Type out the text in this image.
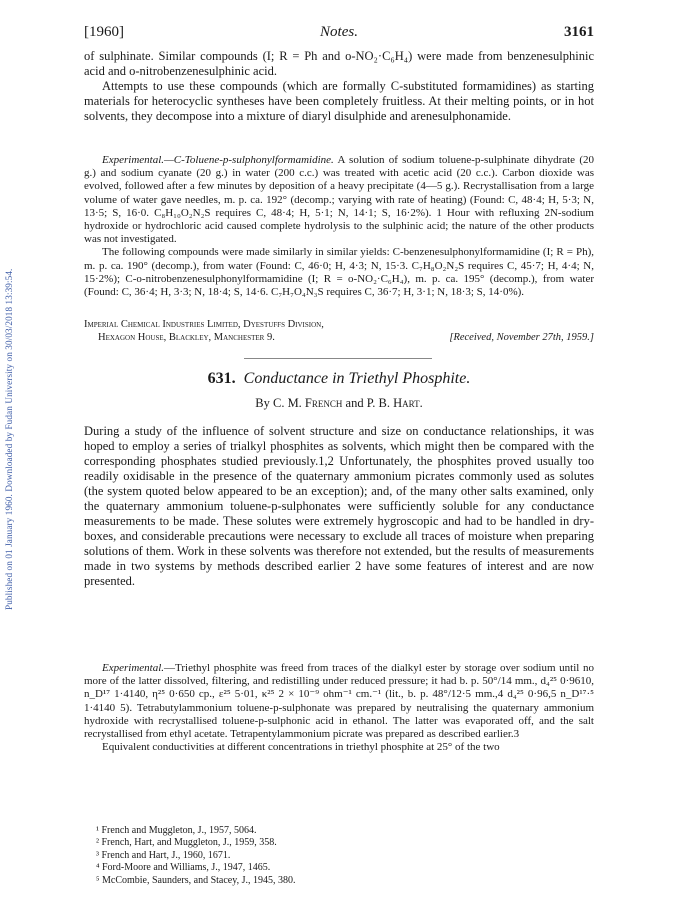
Published on 01 January 1960. Downloaded by Fudan University on 30/03/2018 13:39:54.
[1960]	Notes.	3161

of sulphinate. Similar compounds (I; R = Ph and o-NO₂·C₆H₄) were made from benzenesulphinic acid and o-nitrobenzenesulphinic acid.

Attempts to use these compounds (which are formally C-substituted formamidines) as starting materials for heterocyclic syntheses have been completely fruitless. At their melting points, or in hot solvents, they decompose into a mixture of diaryl disulphide and arenesulphonamide.

Experimental.—C-Toluene-p-sulphonylformamidine. A solution of sodium toluene-p-sulphinate dihydrate (20 g.) and sodium cyanate (20 g.) in water (200 c.c.) was treated with acetic acid (20 c.c.). Carbon dioxide was evolved, followed after a few minutes by deposition of a heavy precipitate (4—5 g.). Recrystallisation from a large volume of water gave needles, m. p. ca. 192° (decomp.; varying with rate of heating) (Found: C, 48·4; H, 5·3; N, 13·5; S, 16·0. C₈H₁₀O₂N₂S requires C, 48·4; H, 5·1; N, 14·1; S, 16·2%). 1 Hour with refluxing 2N-sodium hydroxide or hydrochloric acid caused complete hydrolysis to the sulphinic acid; the nature of the other products was not investigated.

The following compounds were made similarly in similar yields: C-benzenesulphonylformamidine (I; R = Ph), m. p. ca. 190° (decomp.), from water (Found: C, 46·0; H, 4·3; N, 15·3. C₇H₈O₂N₂S requires C, 45·7; H, 4·4; N, 15·2%); C-o-nitrobenzenesulphonylformamidine (I; R = o-NO₂·C₆H₄), m. p. ca. 195° (decomp.), from water (Found: C, 36·4; H, 3·3; N, 18·4; S, 14·6. C₇H₇O₄N₃S requires C, 36·7; H, 3·1; N, 18·3; S, 14·0%).

Imperial Chemical Industries Limited, Dyestuffs Division,
Hexagon House, Blackley, Manchester 9.	[Received, November 27th, 1959.]
631. Conductance in Triethyl Phosphite.
By C. M. French and P. B. Hart.

During a study of the influence of solvent structure and size on conductance relationships, it was hoped to employ a series of trialkyl phosphites as solvents, which might then be compared with the corresponding phosphates studied previously.1,2 Unfortunately, the phosphites proved usually too readily oxidisable in the presence of the quaternary ammonium picrates commonly used as solutes (the system quoted below appeared to be an exception); and, of the many other salts examined, only the quaternary ammonium toluene-p-sulphonates were sufficiently soluble for any conductance measurements to be made. These solutes were extremely hygroscopic and had to be handled in dry-boxes, and considerable precautions were necessary to exclude all traces of moisture when preparing solutions of them. Work in these solvents was therefore not extended, but the results of measurements made in two systems by methods described earlier 2 have some features of interest and are now presented.

Experimental.—Triethyl phosphite was freed from traces of the dialkyl ester by storage over sodium until no more of the latter dissolved, filtering, and redistilling under reduced pressure; it had b. p. 50°/14 mm., d₄²⁵ 0·9610, n_D¹⁷ 1·4140, η²⁵ 0·650 cp., ε²⁵ 5·01, κ²⁵ 2 × 10⁻⁹ ohm⁻¹ cm.⁻¹ (lit., b. p. 48°/12·5 mm.,4 d₄²⁵ 0·96,5 n_D¹⁷·⁵ 1·4140 5). Tetrabutylammonium toluene-p-sulphonate was prepared by neutralising the quaternary ammonium hydroxide with recrystallised toluene-p-sulphonic acid in ethanol. The latter was evaporated off, and the salt recrystallised from ethyl acetate. Tetrapentylammonium picrate was prepared as described earlier.3

Equivalent conductivities at different concentrations in triethyl phosphite at 25° of the two

¹ French and Muggleton, J., 1957, 5064.
² French, Hart, and Muggleton, J., 1959, 358.
³ French and Hart, J., 1960, 1671.
⁴ Ford-Moore and Williams, J., 1947, 1465.
⁵ McCombie, Saunders, and Stacey, J., 1945, 380.
